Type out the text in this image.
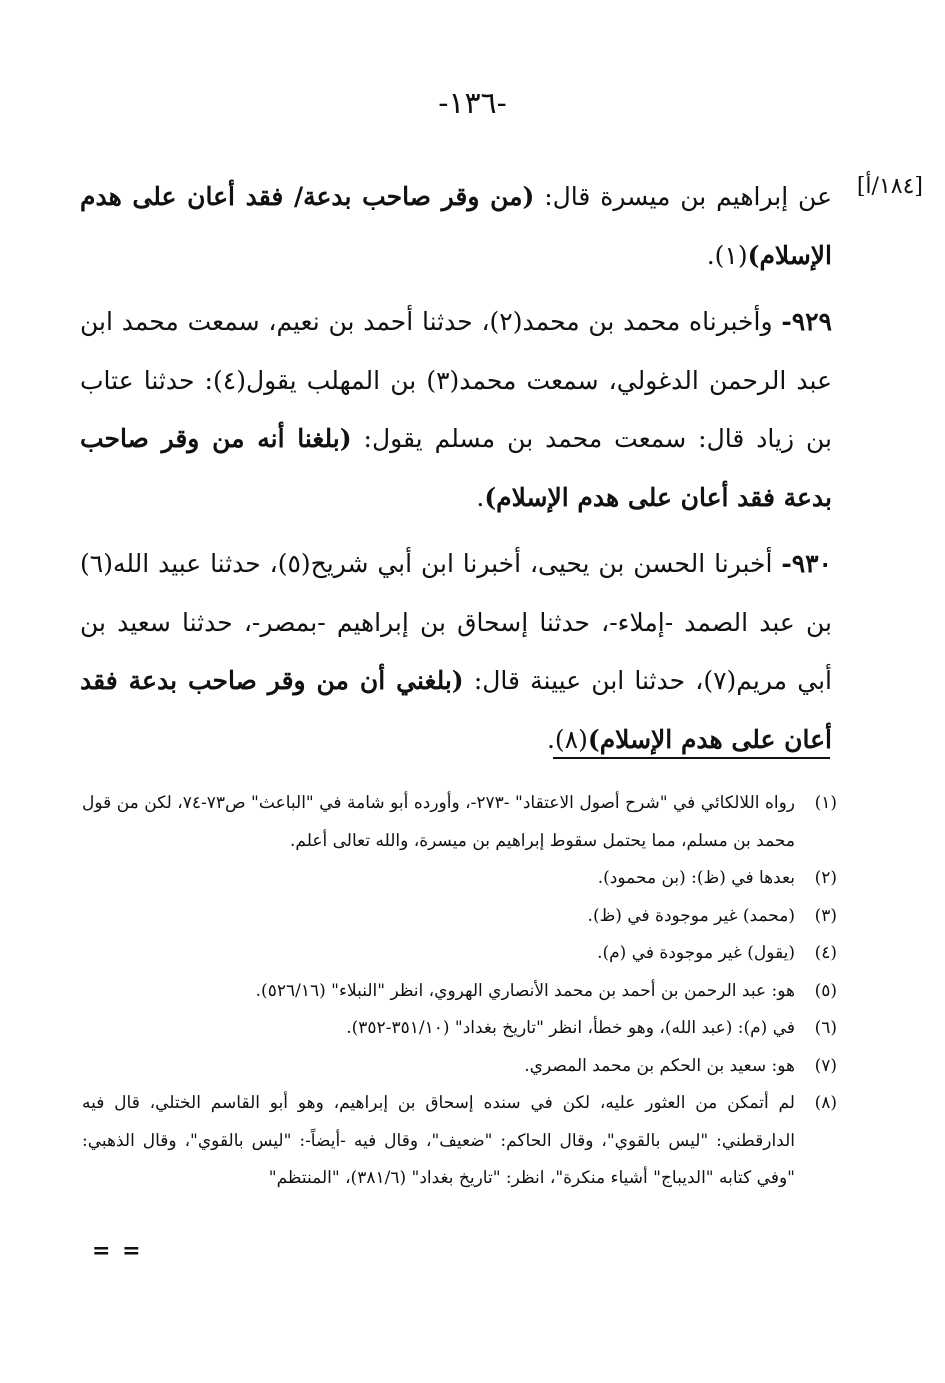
-١٣٦-
[١٨٤/أ]

عن إبراهيم بن ميسرة قال: (من وقر صاحب بدعة/ فقد أعان على هدم الإسلام)(١).

٩٢٩- وأخبرناه محمد بن محمد(٢)، حدثنا أحمد بن نعيم، سمعت محمد ابن عبد الرحمن الدغولي، سمعت محمد(٣) بن المهلب يقول(٤): حدثنا عتاب بن زياد قال: سمعت محمد بن مسلم يقول: (بلغنا أنه من وقر صاحب بدعة فقد أعان على هدم الإسلام).

٩٣٠- أخبرنا الحسن بن يحيى، أخبرنا ابن أبي شريح(٥)، حدثنا عبيد الله(٦) بن عبد الصمد -إملاء-، حدثنا إسحاق بن إبراهيم -بمصر-، حدثنا سعيد بن أبي مريم(٧)، حدثنا ابن عيينة قال: (بلغني أن من وقر صاحب بدعة فقد أعان على هدم الإسلام)(٨).

(١)
رواه اللالكائي في "شرح أصول الاعتقاد" -٢٧٣-، وأورده أبو شامة في "الباعث" ص٧٣-٧٤، لكن من قول محمد بن مسلم، مما يحتمل سقوط إبراهيم بن ميسرة، والله تعالى أعلم.

(٢)
بعدها في (ظ): (بن محمود).

(٣)
(محمد) غير موجودة في (ظ).

(٤)
(يقول) غير موجودة في (م).

(٥)
هو: عبد الرحمن بن أحمد بن محمد الأنصاري الهروي، انظر "النبلاء" (٥٢٦/١٦).

(٦)
في (م): (عبد الله)، وهو خطأ، انظر "تاريخ بغداد" (٣٥١/١٠-٣٥٢).

(٧)
هو: سعيد بن الحكم بن محمد المصري.

(٨)
لم أتمكن من العثور عليه، لكن في سنده إسحاق بن إبراهيم، وهو أبو القاسم الختلي، قال فيه الدارقطني: "ليس بالقوي"، وقال الحاكم: "ضعيف"، وقال فيه -أيضاً-: "ليس بالقوي"، وقال الذهبي: "وفي كتابه "الديباج" أشياء منكرة"، انظر: "تاريخ بغداد" (٣٨١/٦)، "المنتظم"

= =
